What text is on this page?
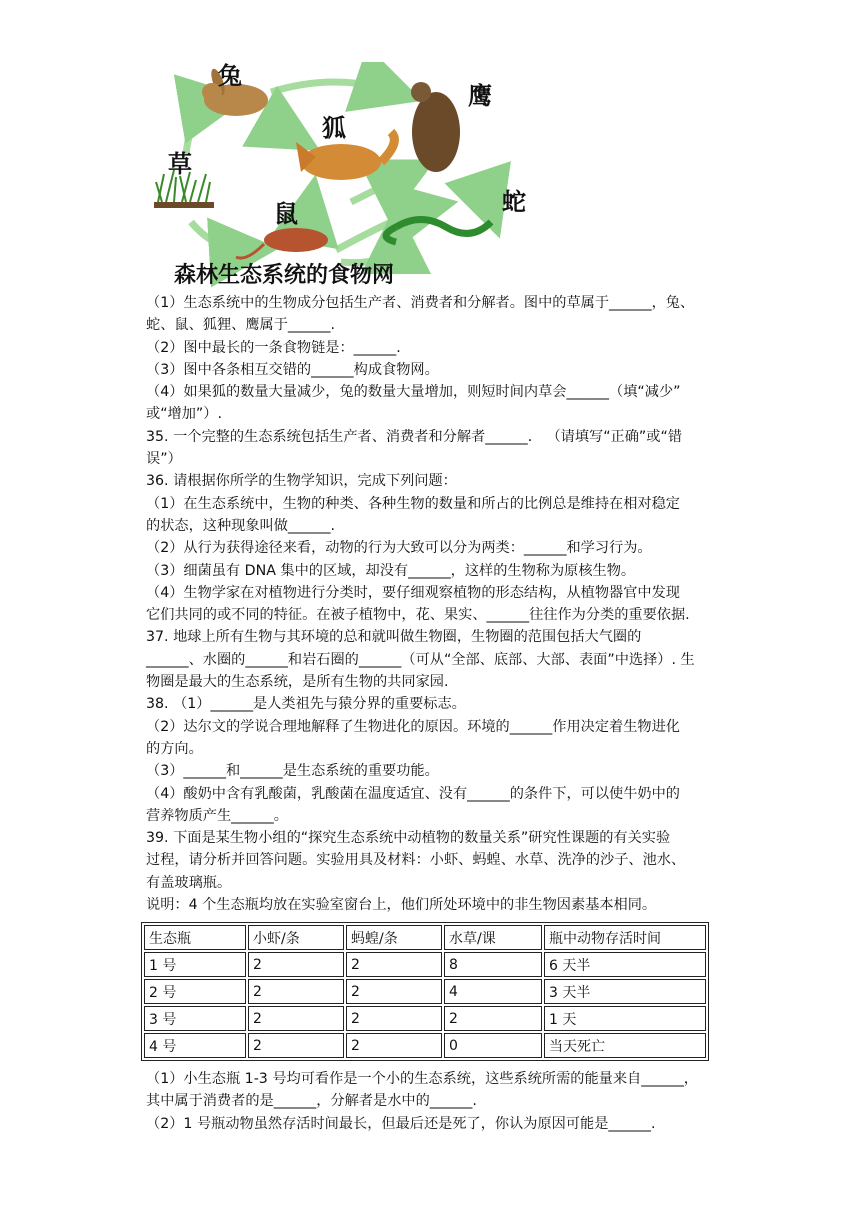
兔
鹰
狐
草
鼠	蛇
森林生态系统的食物网

（1）生态系统中的生物成分包括生产者、消费者和分解者。图中的草属于______，兔、

蛇、鼠、狐狸、鹰属于______.

（2）图中最长的一条食物链是：______.

（3）图中各条相互交错的______构成食物网。

（4）如果狐的数量大量减少，兔的数量大量增加，则短时间内草会______（填“减少”

或“增加”）.

35. 一个完整的生态系统包括生产者、消费者和分解者______． （请填写“正确”或“错

误”）

36. 请根据你所学的生物学知识，完成下列问题：

（1）在生态系统中，生物的种类、各种生物的数量和所占的比例总是维持在相对稳定

的状态，这种现象叫做______.

（2）从行为获得途径来看，动物的行为大致可以分为两类：______和学习行为。

（3）细菌虽有 DNA 集中的区域，却没有______，这样的生物称为原核生物。

（4）生物学家在对植物进行分类时，要仔细观察植物的形态结构，从植物器官中发现

它们共同的或不同的特征。在被子植物中，花、果实、______往往作为分类的重要依据.

37. 地球上所有生物与其环境的总和就叫做生物圈，生物圈的范围包括大气圈的

______、水圈的______和岩石圈的______（可从“全部、底部、大部、表面”中选择）. 生

物圈是最大的生态系统，是所有生物的共同家园.

38. （1）______是人类祖先与猿分界的重要标志。

（2）达尔文的学说合理地解释了生物进化的原因。环境的______作用决定着生物进化

的方向。

（3）______和______是生态系统的重要功能。

（4）酸奶中含有乳酸菌，乳酸菌在温度适宜、没有______的条件下，可以使牛奶中的

营养物质产生______。

39. 下面是某生物小组的“探究生态系统中动植物的数量关系”研究性课题的有关实验

过程，请分析并回答问题。实验用具及材料：小虾、蚂蝗、水草、洗净的沙子、池水、

有盖玻璃瓶。

说明：4 个生态瓶均放在实验室窗台上，他们所处环境中的非生物因素基本相同。

生态瓶	小虾/条	蚂蝗/条	水草/课	瓶中动物存活时间
1 号	2	2	8	6 天半
2 号	2	2	4	3 天半
3 号	2	2	2	1 天
4 号	2	2	0	当天死亡

（1）小生态瓶 1-3 号均可看作是一个小的生态系统，这些系统所需的能量来自______，

其中属于消费者的是______，分解者是水中的______.

（2）1 号瓶动物虽然存活时间最长，但最后还是死了，你认为原因可能是______.
